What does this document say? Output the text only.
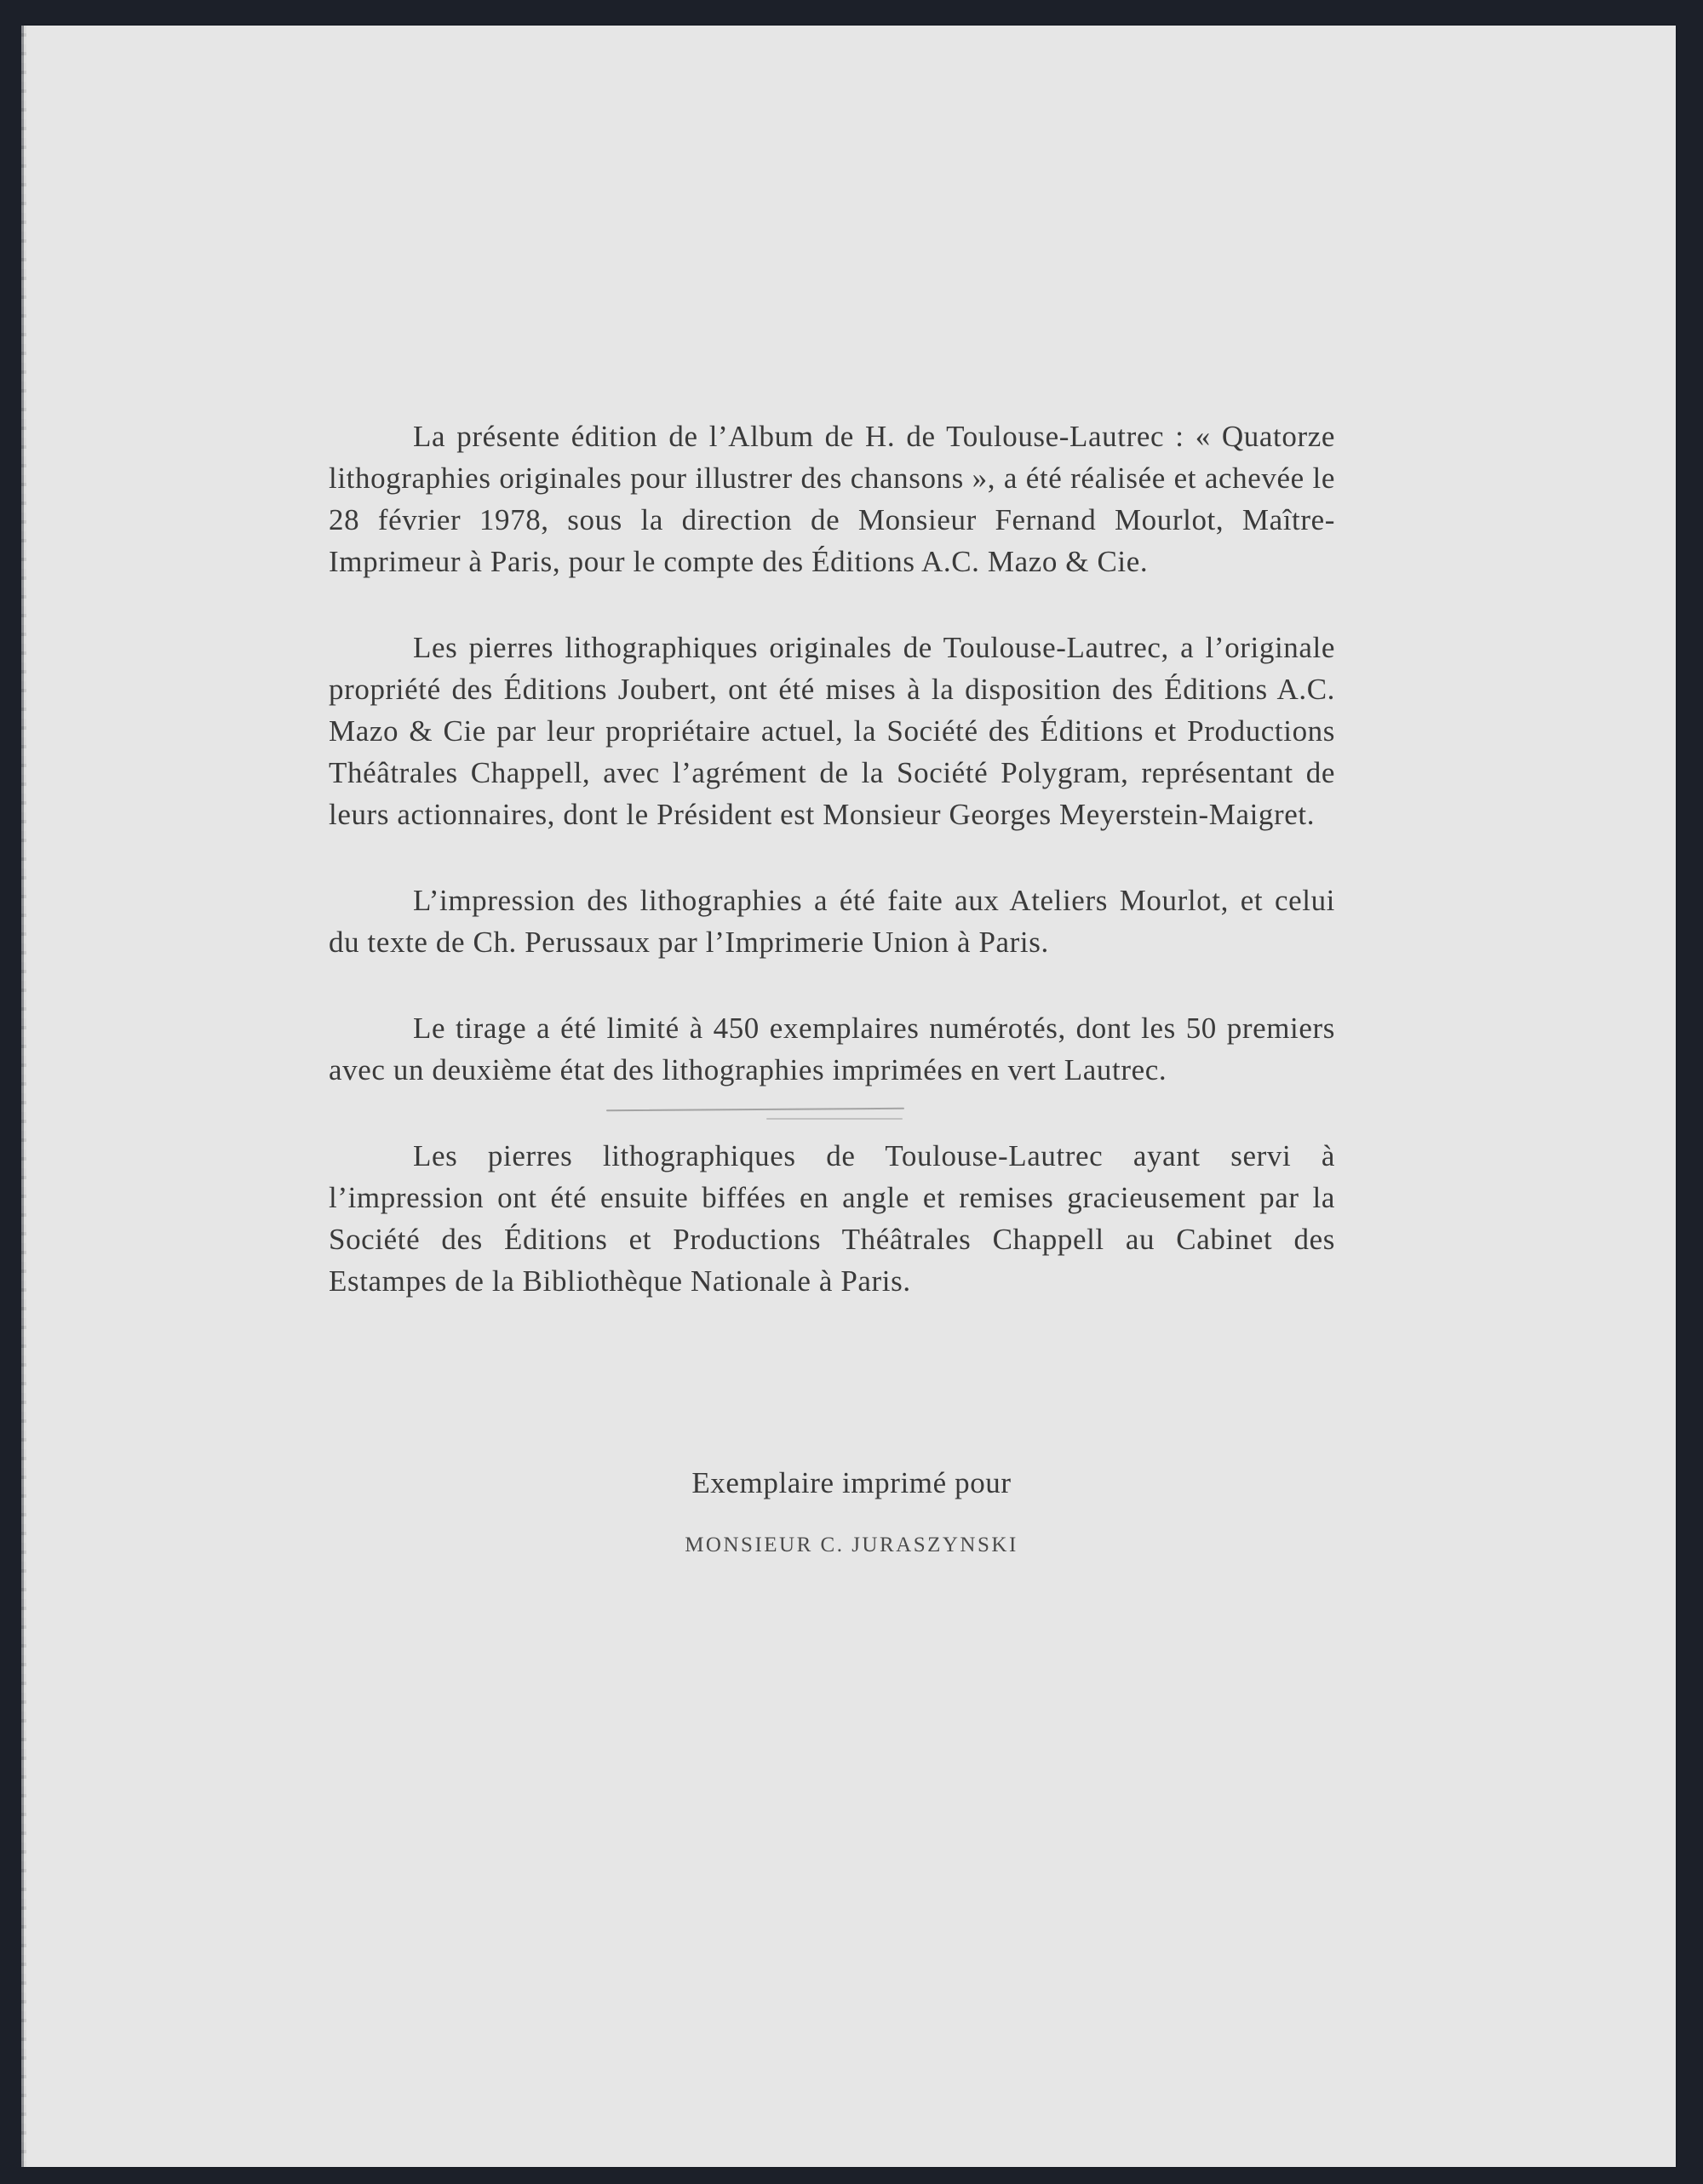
La présente édition de l’Album de H. de Toulouse-Lautrec : « Quatorze lithographies originales pour illustrer des chansons », a été réalisée et achevée le 28 février 1978, sous la direction de Monsieur Fernand Mourlot, Maître-Imprimeur à Paris, pour le compte des Éditions A.C. Mazo & Cie.

Les pierres lithographiques originales de Toulouse-Lautrec, a l’originale propriété des Éditions Joubert, ont été mises à la disposition des Éditions A.C. Mazo & Cie par leur propriétaire actuel, la Société des Éditions et Productions Théâtrales Chappell, avec l’agrément de la Société Polygram, représentant de leurs actionnaires, dont le Président est Monsieur Georges Meyerstein-Maigret.

L’impression des lithographies a été faite aux Ateliers Mourlot, et celui du texte de Ch. Perussaux par l’Imprimerie Union à Paris.

Le tirage a été limité à 450 exemplaires numérotés, dont les 50 premiers avec un deuxième état des lithographies imprimées en vert Lautrec.

Les pierres lithographiques de Toulouse-Lautrec ayant servi à l’impression ont été ensuite biffées en angle et remises gracieusement par la Société des Éditions et Productions Théâtrales Chappell au Cabinet des Estampes de la Bibliothèque Nationale à Paris.

Exemplaire imprimé pour
MONSIEUR C. JURASZYNSKI
